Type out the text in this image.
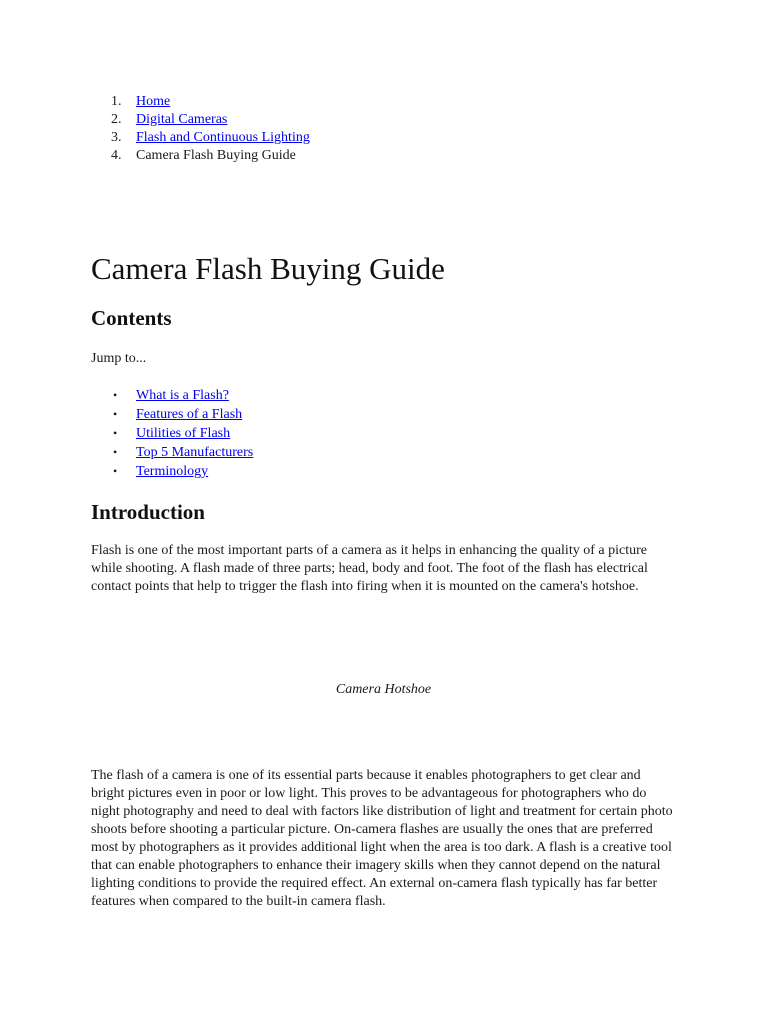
1.	Home
2.	Digital Cameras
3.	Flash and Continuous Lighting
4.	Camera Flash Buying Guide
Camera Flash Buying Guide
Contents

Jump to...

• What is a Flash?
• Features of a Flash
• Utilities of Flash
• Top 5 Manufacturers
• Terminology
Introduction

Flash is one of the most important parts of a camera as it helps in enhancing the quality of a picture while shooting. A flash made of three parts; head, body and foot. The foot of the flash has electrical contact points that help to trigger the flash into firing when it is mounted on the camera's hotshoe.

Camera Hotshoe

The flash of a camera is one of its essential parts because it enables photographers to get clear and bright pictures even in poor or low light. This proves to be advantageous for photographers who do night photography and need to deal with factors like distribution of light and treatment for certain photo shoots before shooting a particular picture. On-camera flashes are usually the ones that are preferred most by photographers as it provides additional light when the area is too dark. A flash is a creative tool that can enable photographers to enhance their imagery skills when they cannot depend on the natural lighting conditions to provide the required effect. An external on-camera flash typically has far better features when compared to the built-in camera flash.
